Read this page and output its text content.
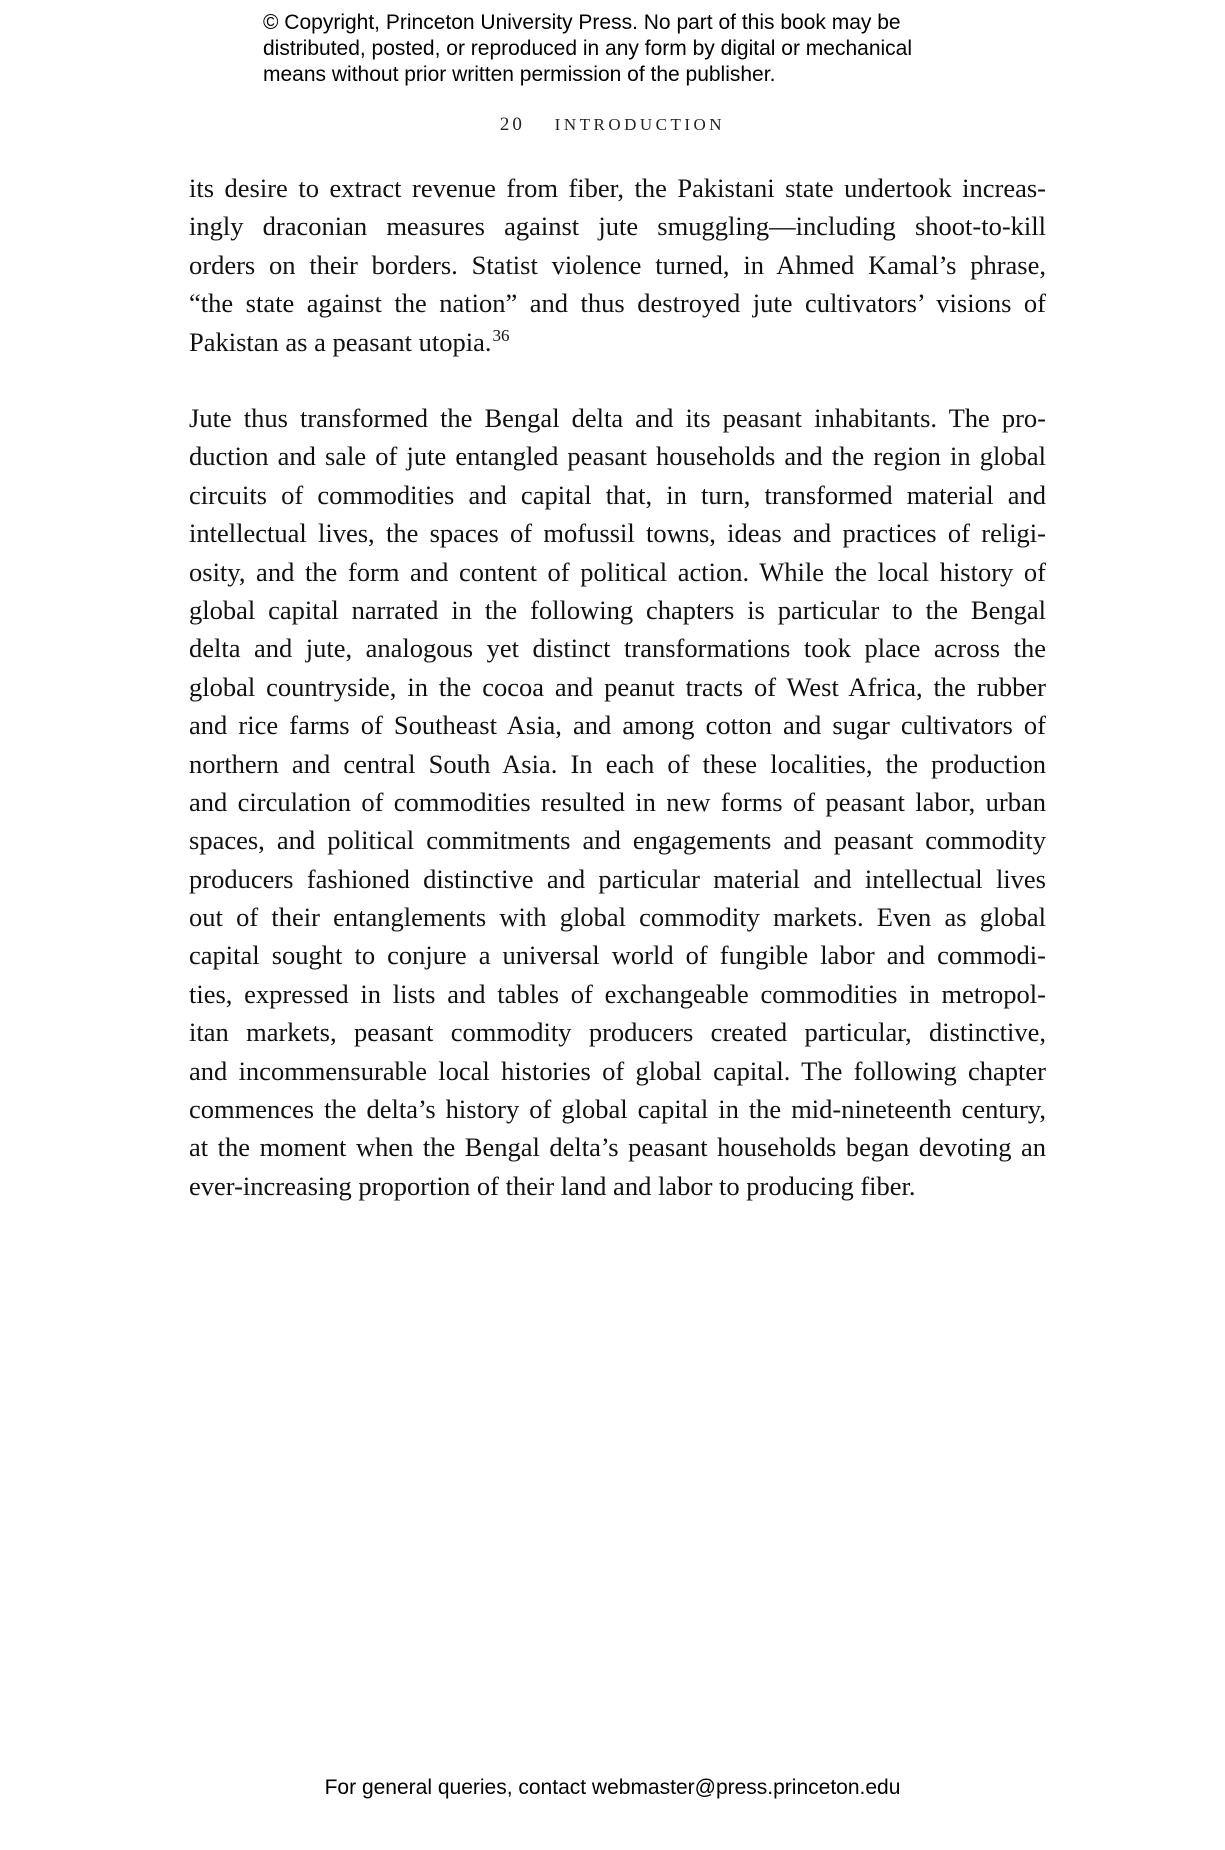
© Copyright, Princeton University Press. No part of this book may be
distributed, posted, or reproduced in any form by digital or mechanical
means without prior written permission of the publisher.
20 INTRODUCTION
its desire to extract revenue from fiber, the Pakistani state undertook increas-
ingly draconian measures against jute smuggling—including shoot-to-kill
orders on their borders. Statist violence turned, in Ahmed Kamal’s phrase,
“the state against the nation” and thus destroyed jute cultivators’ visions of
Pakistan as a peasant utopia.$^{36}$
Jute thus transformed the Bengal delta and its peasant inhabitants. The pro-
duction and sale of jute entangled peasant households and the region in global
circuits of commodities and capital that, in turn, transformed material and
intellectual lives, the spaces of mofussil towns, ideas and practices of religi-
osity, and the form and content of political action. While the local history of
global capital narrated in the following chapters is particular to the Bengal
delta and jute, analogous yet distinct transformations took place across the
global countryside, in the cocoa and peanut tracts of West Africa, the rubber
and rice farms of Southeast Asia, and among cotton and sugar cultivators of
northern and central South Asia. In each of these localities, the production
and circulation of commodities resulted in new forms of peasant labor, urban
spaces, and political commitments and engagements and peasant commodity
producers fashioned distinctive and particular material and intellectual lives
out of their entanglements with global commodity markets. Even as global
capital sought to conjure a universal world of fungible labor and commodi-
ties, expressed in lists and tables of exchangeable commodities in metropol-
itan markets, peasant commodity producers created particular, distinctive,
and incommensurable local histories of global capital. The following chapter
commences the delta’s history of global capital in the mid-nineteenth century,
at the moment when the Bengal delta’s peasant households began devoting an
ever-increasing proportion of their land and labor to producing fiber.
For general queries, contact webmaster@press.princeton.edu
